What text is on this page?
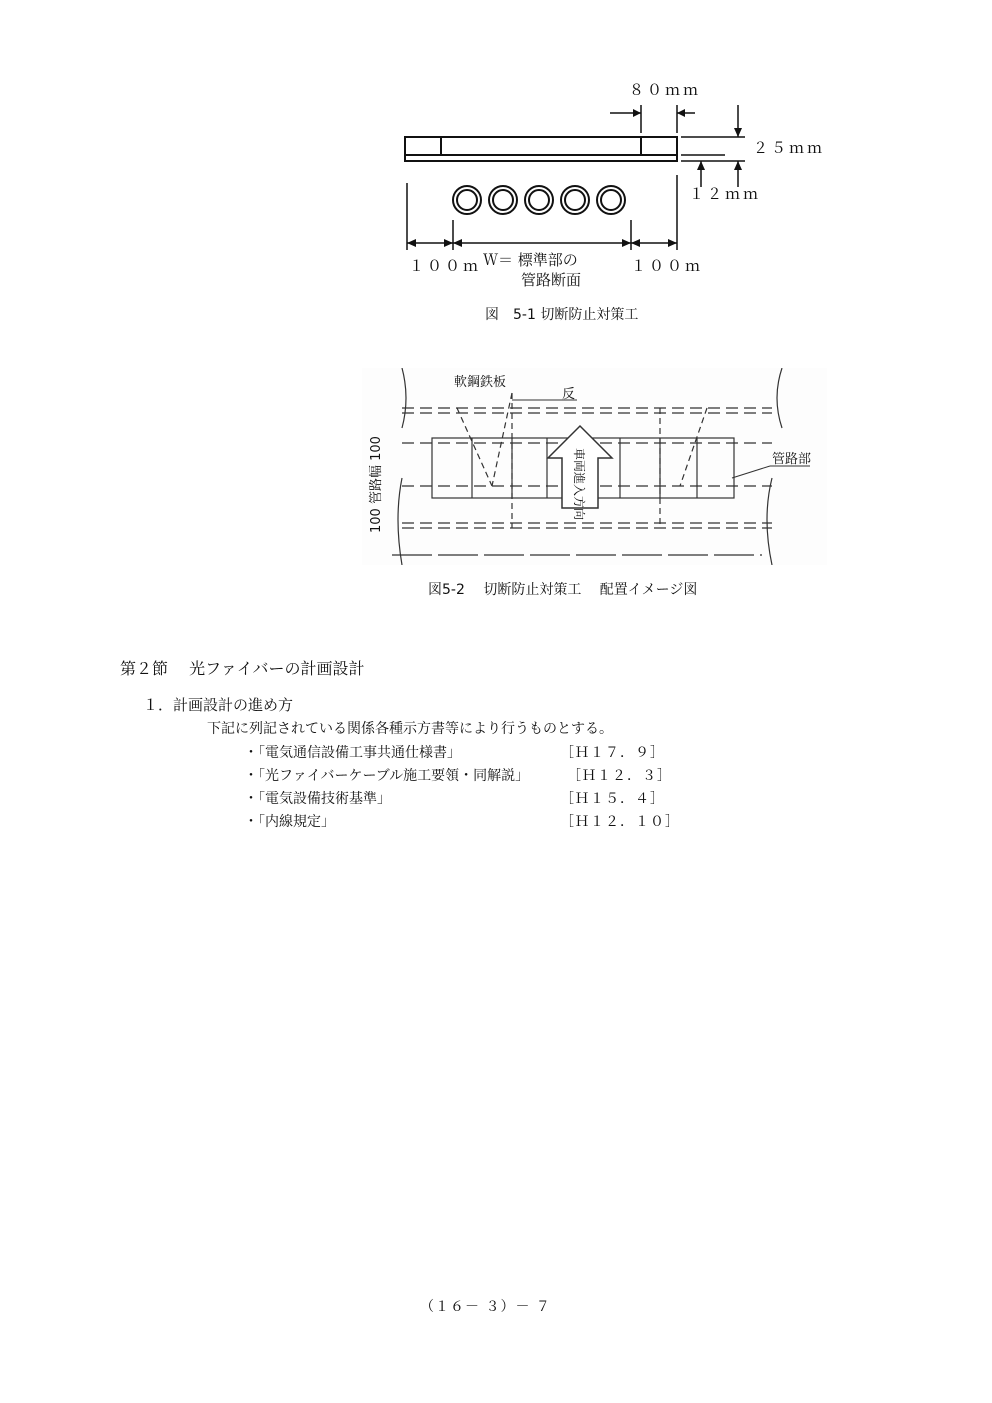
８０ｍｍ
２５ｍｍ
１２ｍｍ
１００ｍ	１００ｍ
Ｗ＝ 標準部の
管路断面
図　5-1 切断防止対策工
軟鋼鉄板
反
管路部
100 管路幅 100	車両進入方向
図5-2　 切断防止対策工　 配置イメージ図
第２節　 光ファイバーの計画設計
１．計画設計の進め方
下記に列記されている関係各種示方書等により行うものとする。
・｢電気通信設備工事共通仕様書｣	［Ｈ１７．９］
・｢光ファイバーケーブル施工要領・同解説｣	［Ｈ１２．３］
・｢電気設備技術基準｣	［Ｈ１５．４］
・｢内線規定｣	［Ｈ１２．１０］
（１６－ ３）－ ７
